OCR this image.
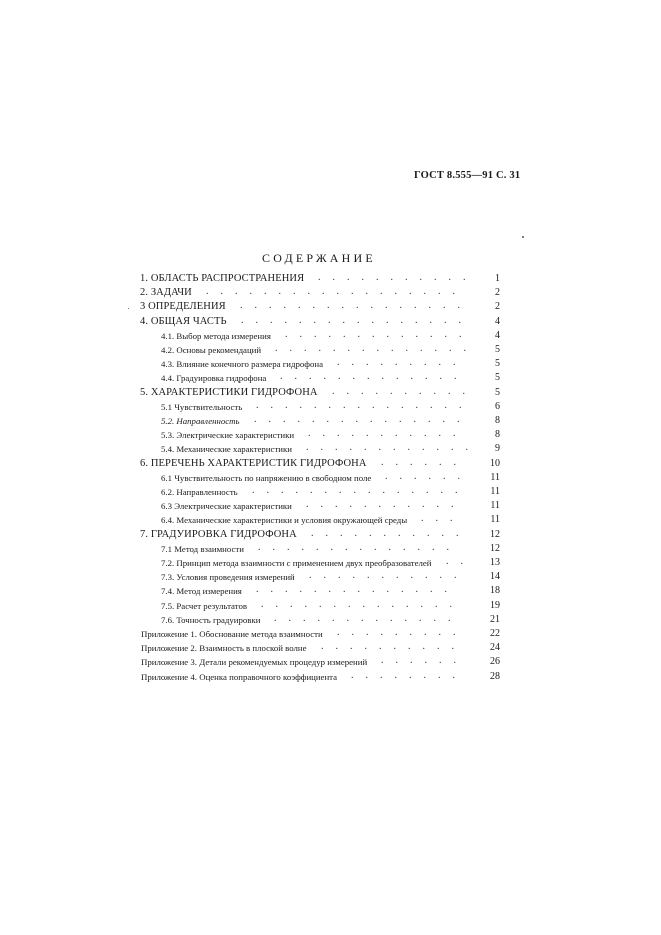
ГОСТ 8.555—91 С. 31
СОДЕРЖАНИЕ
1. ОБЛАСТЬ РАСПРОСТРАНЕНИЯ ...........	1
2. ЗАДАЧИ ..................	2
3 ОПРЕДЕЛЕНИЯ ................	2
4. ОБЩАЯ ЧАСТЬ ................	4
4.1. Выбор метода измерения .............	4
4.2. Основы рекомендаций ..............	5
4.3. Влияние конечного размера гидрофона .........	5
4.4. Градуировка гидрофона .............	5
5. ХАРАКТЕРИСТИКИ ГИДРОФОНА ..........	5
5.1 Чувствительность ...............	6
5.2. Направленность ...............	8
5.3. Электрические характеристики ...........	8
5.4. Механические характеристики ............	9
6. ПЕРЕЧЕНЬ ХАРАКТЕРИСТИК ГИДРОФОНА ......	10
6.1 Чувствительность по напряжению в свободном поле ......	11
6.2. Направленность ...............	11
6.3 Электрические характеристики ...........	11
6.4. Механические характеристики и условия окружающей среды ...	11
7. ГРАДУИРОВКА ГИДРОФОНА ...........	12
7.1 Метод взаимности ..............	12
7.2. Принцип метода взаимности с применением двух преобразователей ..	13
7.3. Условия проведения измерений ...........	14
7.4. Метод измерения ..............	18
7.5. Расчет результатов ..............	19
7.6. Точность градуировки .............	21
Приложение 1. Обоснование метода взаимности .........	22
Приложение 2. Взаимность в плоской волне ..........	24
Приложение 3. Детали рекомендуемых процедур измерений ......	26
Приложение 4. Оценка поправочного коэффициента ........	28
